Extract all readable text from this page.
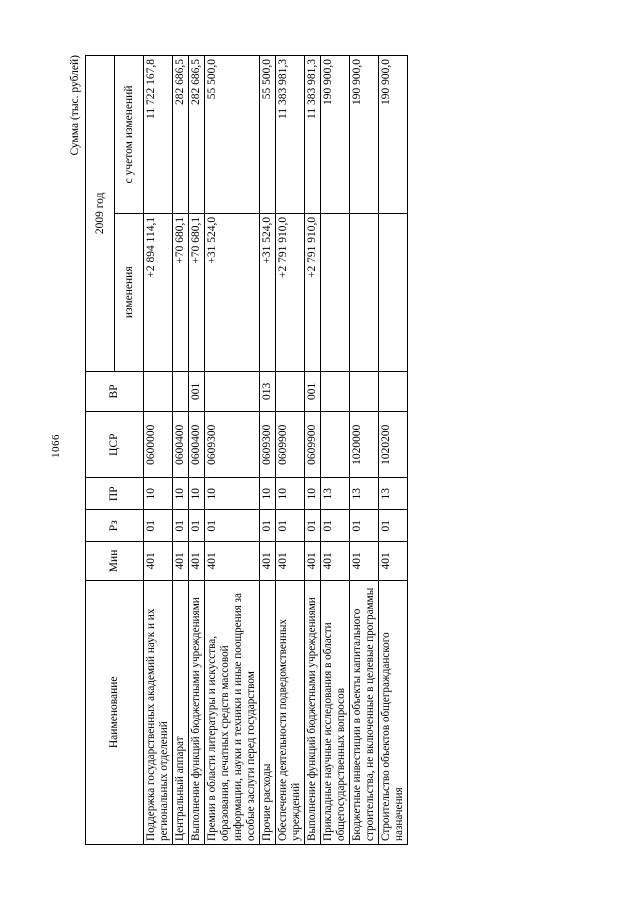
1066
Сумма (тыс. рублей)
Наименование	Мин	Рз	ПР	ЦСР	ВР	2009 год	
						изменения	с учетом изменений
Поддержка государственных академий наук и их региональных отделений	401	01	10	0600000		+2 894 114,1	11 722 167,8
Центральный аппарат	401	01	10	0600400		+70 680,1	282 686,5
Выполнение функций бюджетными учреждениями	401	01	10	0600400	001	+70 680,1	282 686,5
Премии в области литературы и искусства, образования, печатных средств массовой информации, науки и техники и иные поощрения за особые заслуги перед государством	401	01	10	0609300		+31 524,0	55 500,0
Прочие расходы	401	01	10	0609300	013	+31 524,0	55 500,0
Обеспечение деятельности подведомственных учреждений	401	01	10	0609900		+2 791 910,0	11 383 981,3
Выполнение функций бюджетными учреждениями	401	01	10	0609900	001	+2 791 910,0	11 383 981,3
Прикладные научные исследования в области общегосударственных вопросов	401	01	13				190 900,0
Бюджетные инвестиции в объекты капитального строительства, не включенные в целевые программы	401	01	13	1020000			190 900,0
Строительство объектов общегражданского назначения	401	01	13	1020200			190 900,0
